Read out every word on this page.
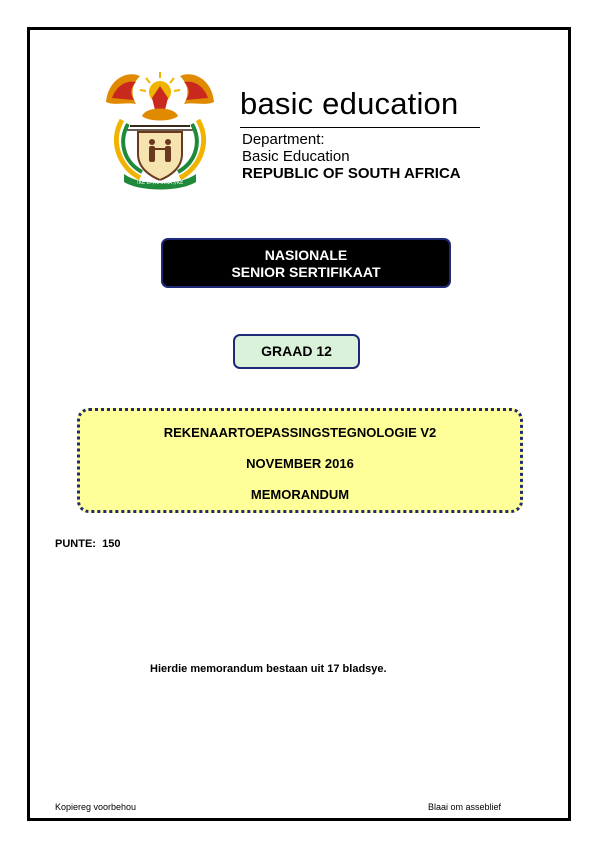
!KE E: /XARRA //KE
basic education
Department:
Basic Education
REPUBLIC OF SOUTH AFRICA
NASIONALE
SENIOR SERTIFIKAAT
GRAAD 12
REKENAARTOEPASSINGSTEGNOLOGIE V2
NOVEMBER 2016
MEMORANDUM
PUNTE: 150
Hierdie memorandum bestaan uit 17 bladsye.
Kopiereg voorbehou	Blaai om asseblief
